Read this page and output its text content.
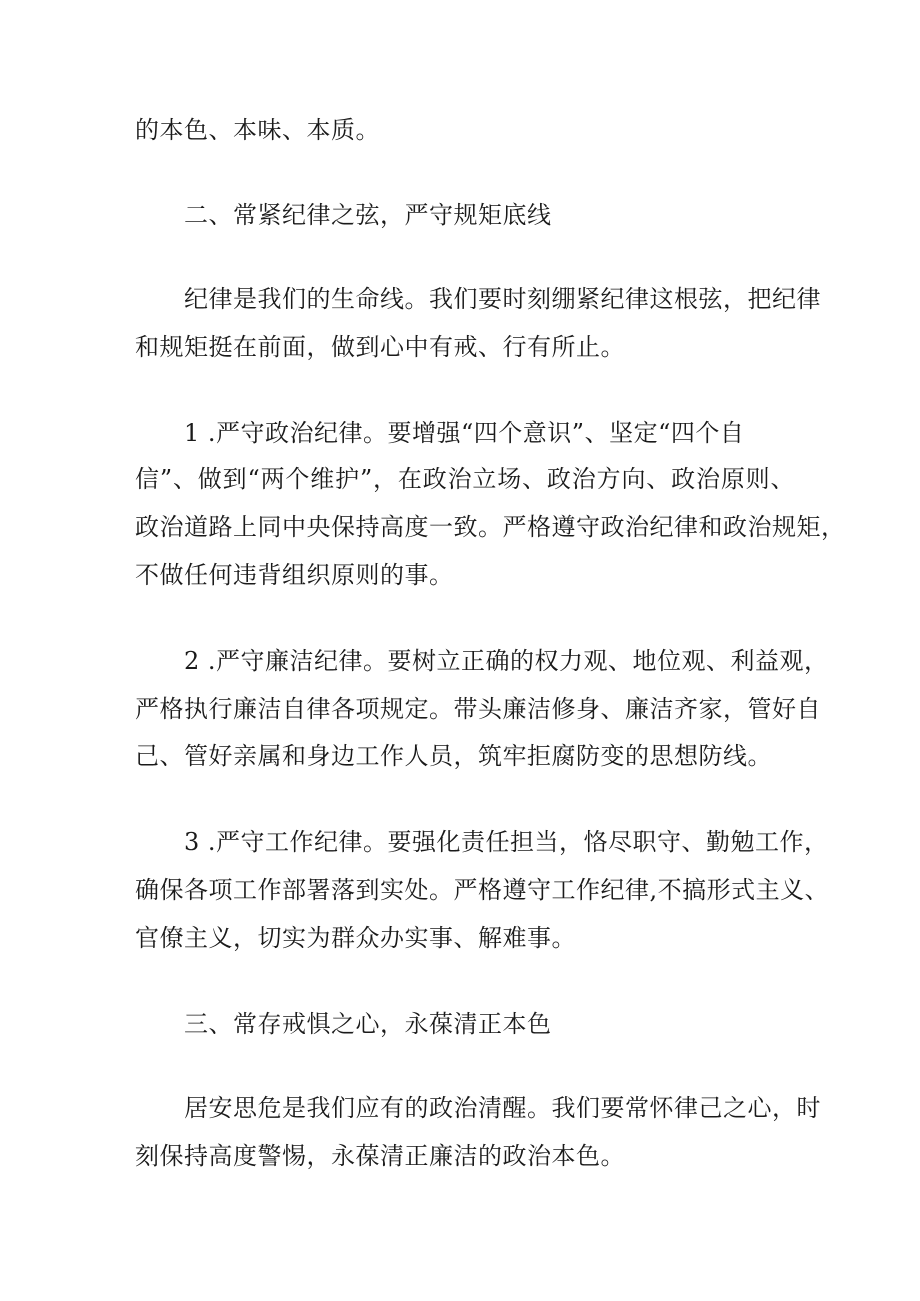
的本色、本味、本质。
二、常紧纪律之弦，严守规矩底线
纪律是我们的生命线。我们要时刻绷紧纪律这根弦，把纪律
和规矩挺在前面，做到心中有戒、行有所止。
1 .严守政治纪律。要增强“四个意识”、坚定“四个自
信”、做到“两个维护”，在政治立场、政治方向、政治原则、
政治道路上同中央保持高度一致。严格遵守政治纪律和政治规矩，
不做任何违背组织原则的事。
2 .严守廉洁纪律。要树立正确的权力观、地位观、利益观，
严格执行廉洁自律各项规定。带头廉洁修身、廉洁齐家，管好自
己、管好亲属和身边工作人员，筑牢拒腐防变的思想防线。
3 .严守工作纪律。要强化责任担当，恪尽职守、勤勉工作，
确保各项工作部署落到实处。严格遵守工作纪律,不搞形式主义、
官僚主义，切实为群众办实事、解难事。
三、常存戒惧之心，永葆清正本色
居安思危是我们应有的政治清醒。我们要常怀律己之心，时
刻保持高度警惕，永葆清正廉洁的政治本色。
